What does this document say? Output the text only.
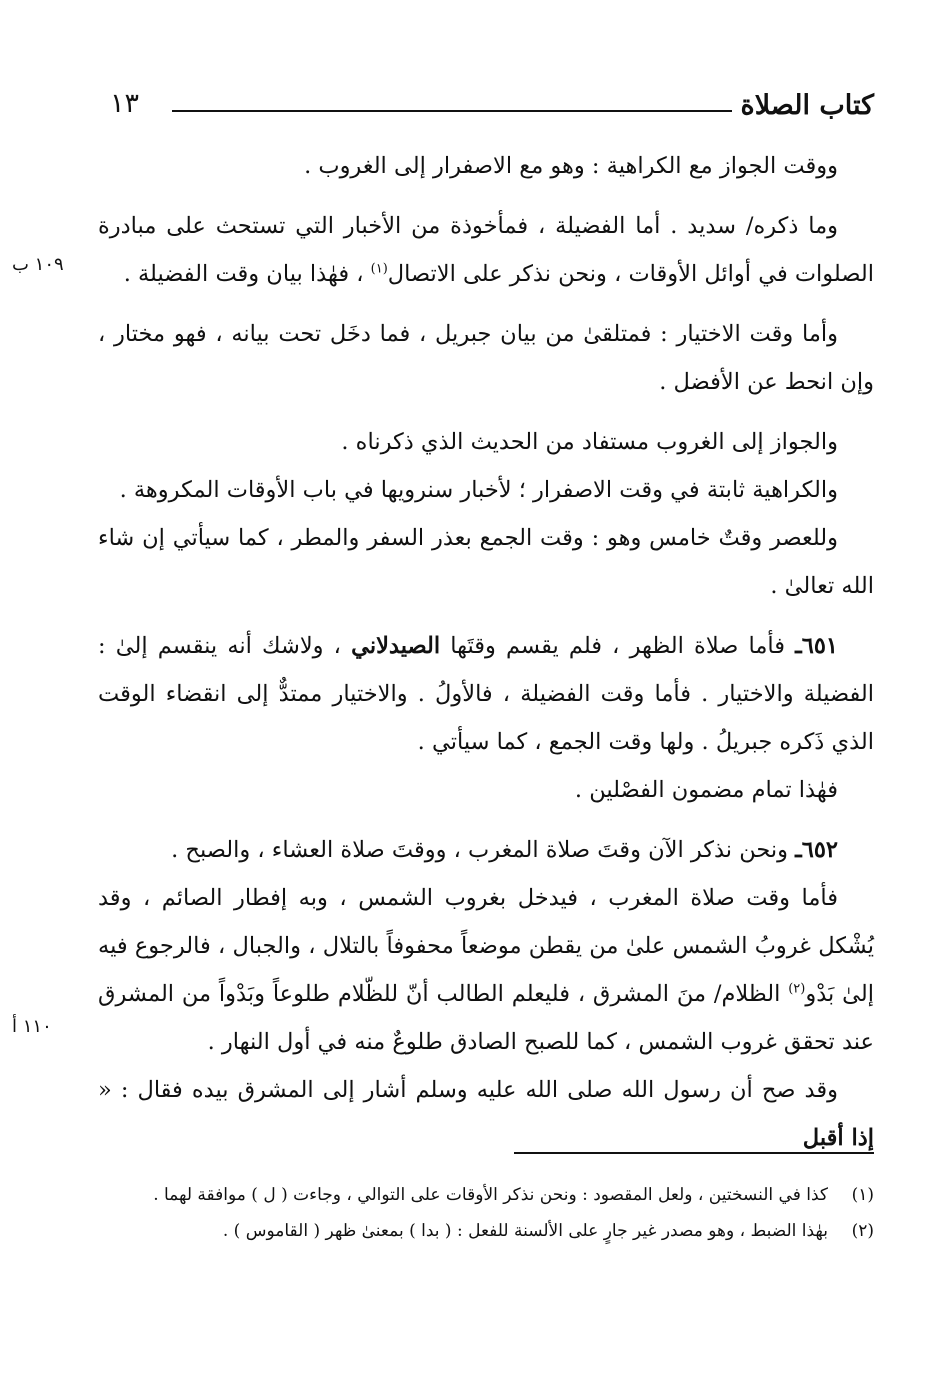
كتاب الصلاة
١٣
١٠٩ ب
١١٠ أ

ووقت الجواز مع الكراهية : وهو مع الاصفرار إلى الغروب .

وما ذكره/ سديد . أما الفضيلة ، فمأخوذة من الأخبار التي تستحث على مبادرة الصلوات في أوائل الأوقات ، ونحن نذكر على الاتصال$^{(١)}$ ، فهٰذا بيان وقت الفضيلة .

وأما وقت الاختيار : فمتلقىٰ من بيان جبريل ، فما دخَل تحت بيانه ، فهو مختار ، وإن انحط عن الأفضل .

والجواز إلى الغروب مستفاد من الحديث الذي ذكرناه .

والكراهية ثابتة في وقت الاصفرار ؛ لأخبار سنرويها في باب الأوقات المكروهة .

وللعصر وقتٌ خامس وهو : وقت الجمع بعذر السفر والمطر ، كما سيأتي إن شاء الله تعالىٰ .

٦٥١ـ فأما صلاة الظهر ، فلم يقسم وقتَها الصيدلاني ، ولاشك أنه ينقسم إلىٰ : الفضيلة والاختيار . فأما وقت الفضيلة ، فالأولُ . والاختيار ممتدٌّ إلى انقضاء الوقت الذي ذَكره جبريلُ . ولها وقت الجمع ، كما سيأتي .

فهٰذا تمام مضمون الفصْلين .

٦٥٢ـ ونحن نذكر الآن وقتَ صلاة المغرب ، ووقتَ صلاة العشاء ، والصبح .

فأما وقت صلاة المغرب ، فيدخل بغروب الشمس ، وبه إفطار الصائم ، وقد يُشْكل غروبُ الشمس علىٰ من يقطن موضعاً محفوفاً بالتلال ، والجبال ، فالرجوع فيه إلىٰ بَدْو$^{(٢)}$ الظلام/ منَ المشرق ، فليعلم الطالب أنّ للظّلام طلوعاً وبَدْواً من المشرق عند تحقق غروب الشمس ، كما للصبح الصادق طلوعٌ منه في أول النهار .

وقد صح أن رسول الله صلى الله عليه وسلم أشار إلى المشرق بيده فقال : « إذا أقبل

(١)
كذا في النسختين ، ولعل المقصود : ونحن نذكر الأوقات على التوالي ، وجاءت ( ل ) موافقة لهما .
(٢)
بهٰذا الضبط ، وهو مصدر غير جارٍ على الألسنة للفعل : ( بدا ) بمعنىٰ ظهر ( القاموس ) .
